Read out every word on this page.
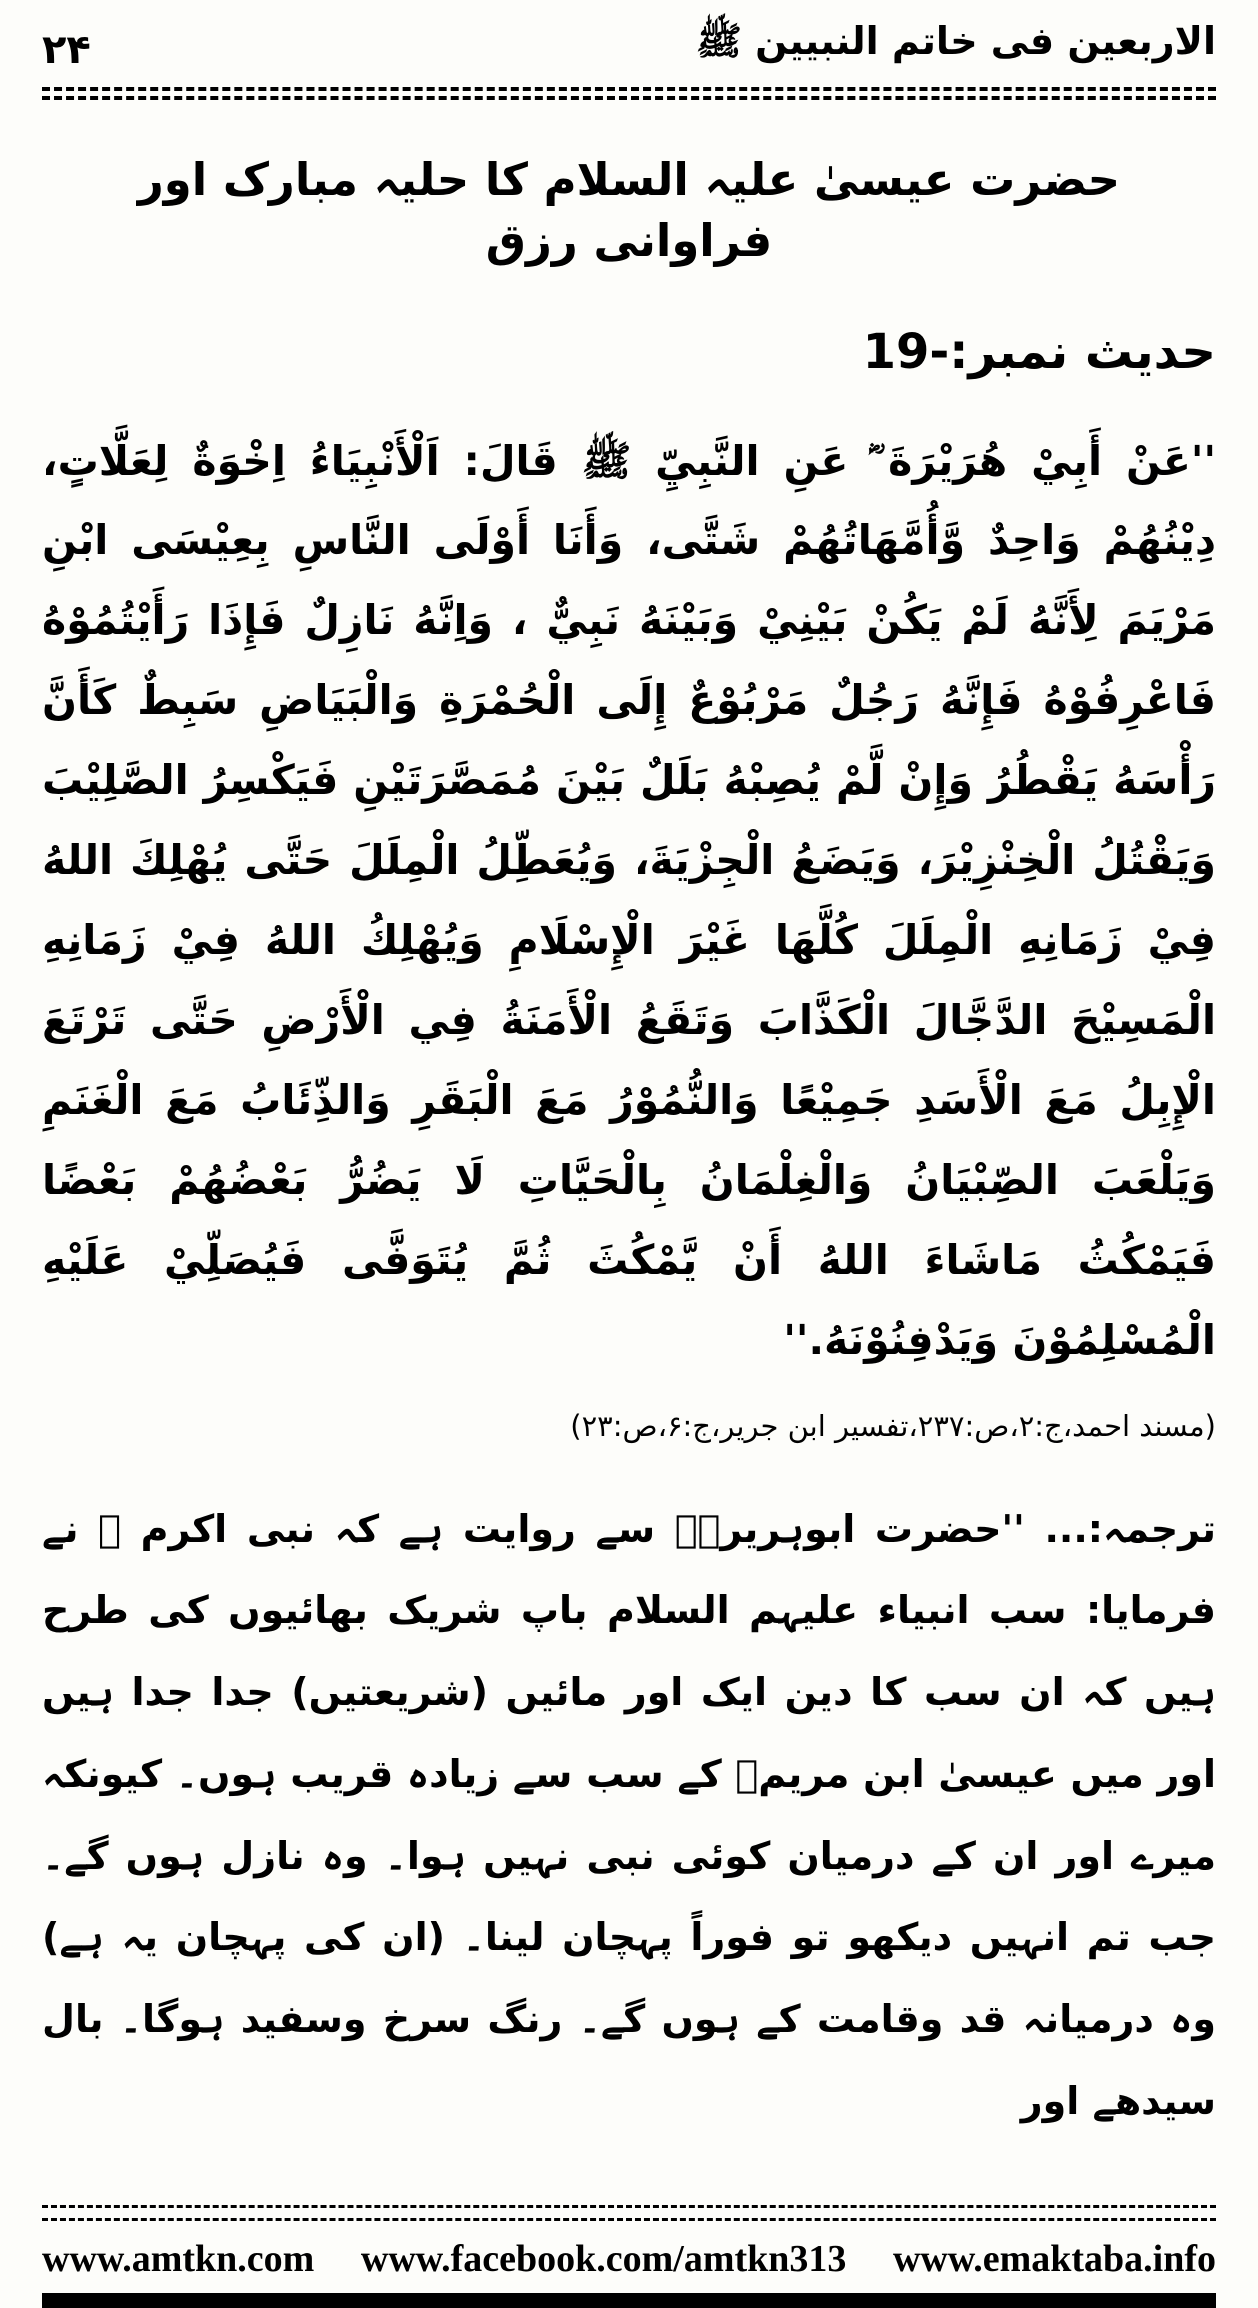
۲۴	الاربعین فی خاتم النبیین ﷺ
حضرت عیسیٰ علیہ السلام کا حلیہ مبارک اور فراوانی رزق
حدیث نمبر:-19

''عَنْ أَبِيْ هُرَيْرَةَ ؓ عَنِ النَّبِيِّ ﷺ قَالَ: اَلْأَنْبِيَاءُ اِخْوَةٌ لِعَلَّاتٍ، دِيْنُهُمْ وَاحِدٌ وَّأُمَّهَاتُهُمْ شَتَّى، وَأَنَا أَوْلَى النَّاسِ بِعِيْسَى ابْنِ مَرْيَمَ لِأَنَّهُ لَمْ يَكُنْ بَيْنِيْ وَبَيْنَهُ نَبِيٌّ ، وَاِنَّهُ نَازِلٌ فَإِذَا رَأَيْتُمُوْهُ فَاعْرِفُوْهُ فَإِنَّهُ رَجُلٌ مَرْبُوْعٌ إِلَى الْحُمْرَةِ وَالْبَيَاضِ سَبِطٌ كَأَنَّ رَأْسَهُ يَقْطُرُ وَإِنْ لَّمْ يُصِبْهُ بَلَلٌ بَيْنَ مُمَصَّرَتَيْنِ فَيَكْسِرُ الصَّلِيْبَ وَيَقْتُلُ الْخِنْزِيْرَ، وَيَضَعُ الْجِزْيَةَ، وَيُعَطِّلُ الْمِلَلَ حَتَّى يُهْلِكَ اللهُ فِيْ زَمَانِهِ الْمِلَلَ كُلَّهَا غَيْرَ الْإِسْلَامِ وَيُهْلِكُ اللهُ فِيْ زَمَانِهِ الْمَسِيْحَ الدَّجَّالَ الْكَذَّابَ وَتَقَعُ الْأَمَنَةُ فِي الْأَرْضِ حَتَّى تَرْتَعَ الْإِبِلُ مَعَ الْأَسَدِ جَمِيْعًا وَالنُّمُوْرُ مَعَ الْبَقَرِ وَالذِّئَابُ مَعَ الْغَنَمِ وَيَلْعَبَ الصِّبْيَانُ وَالْغِلْمَانُ بِالْحَيَّاتِ لَا يَضُرُّ بَعْضُهُمْ بَعْضًا فَيَمْكُثُ مَاشَاءَ اللهُ أَنْ يَّمْكُثَ ثُمَّ يُتَوَفَّى فَيُصَلِّيْ عَلَيْهِ الْمُسْلِمُوْنَ وَيَدْفِنُوْنَهُ.''

(مسند احمد،ج:۲،ص:۲۳۷،تفسیر ابن جریر،ج:۶،ص:۲۳)

ترجمہ:... ''حضرت ابوہریرہؓ سے روایت ہے کہ نبی اکرم ﷺ نے فرمایا: سب انبیاء علیہم السلام باپ شریک بھائیوں کی طرح ہیں کہ ان سب کا دین ایک اور مائیں (شریعتیں) جدا جدا ہیں اور میں عیسیٰ ابن مریمؑ کے سب سے زیادہ قریب ہوں۔ کیونکہ میرے اور ان کے درمیان کوئی نبی نہیں ہوا۔ وہ نازل ہوں گے۔ جب تم انہیں دیکھو تو فوراً پہچان لینا۔ (ان کی پہچان یہ ہے) وہ درمیانہ قد وقامت کے ہوں گے۔ رنگ سرخ وسفید ہوگا۔ بال سیدھے اور

www.amtkn.com www.facebook.com/amtkn313 www.emaktaba.info
